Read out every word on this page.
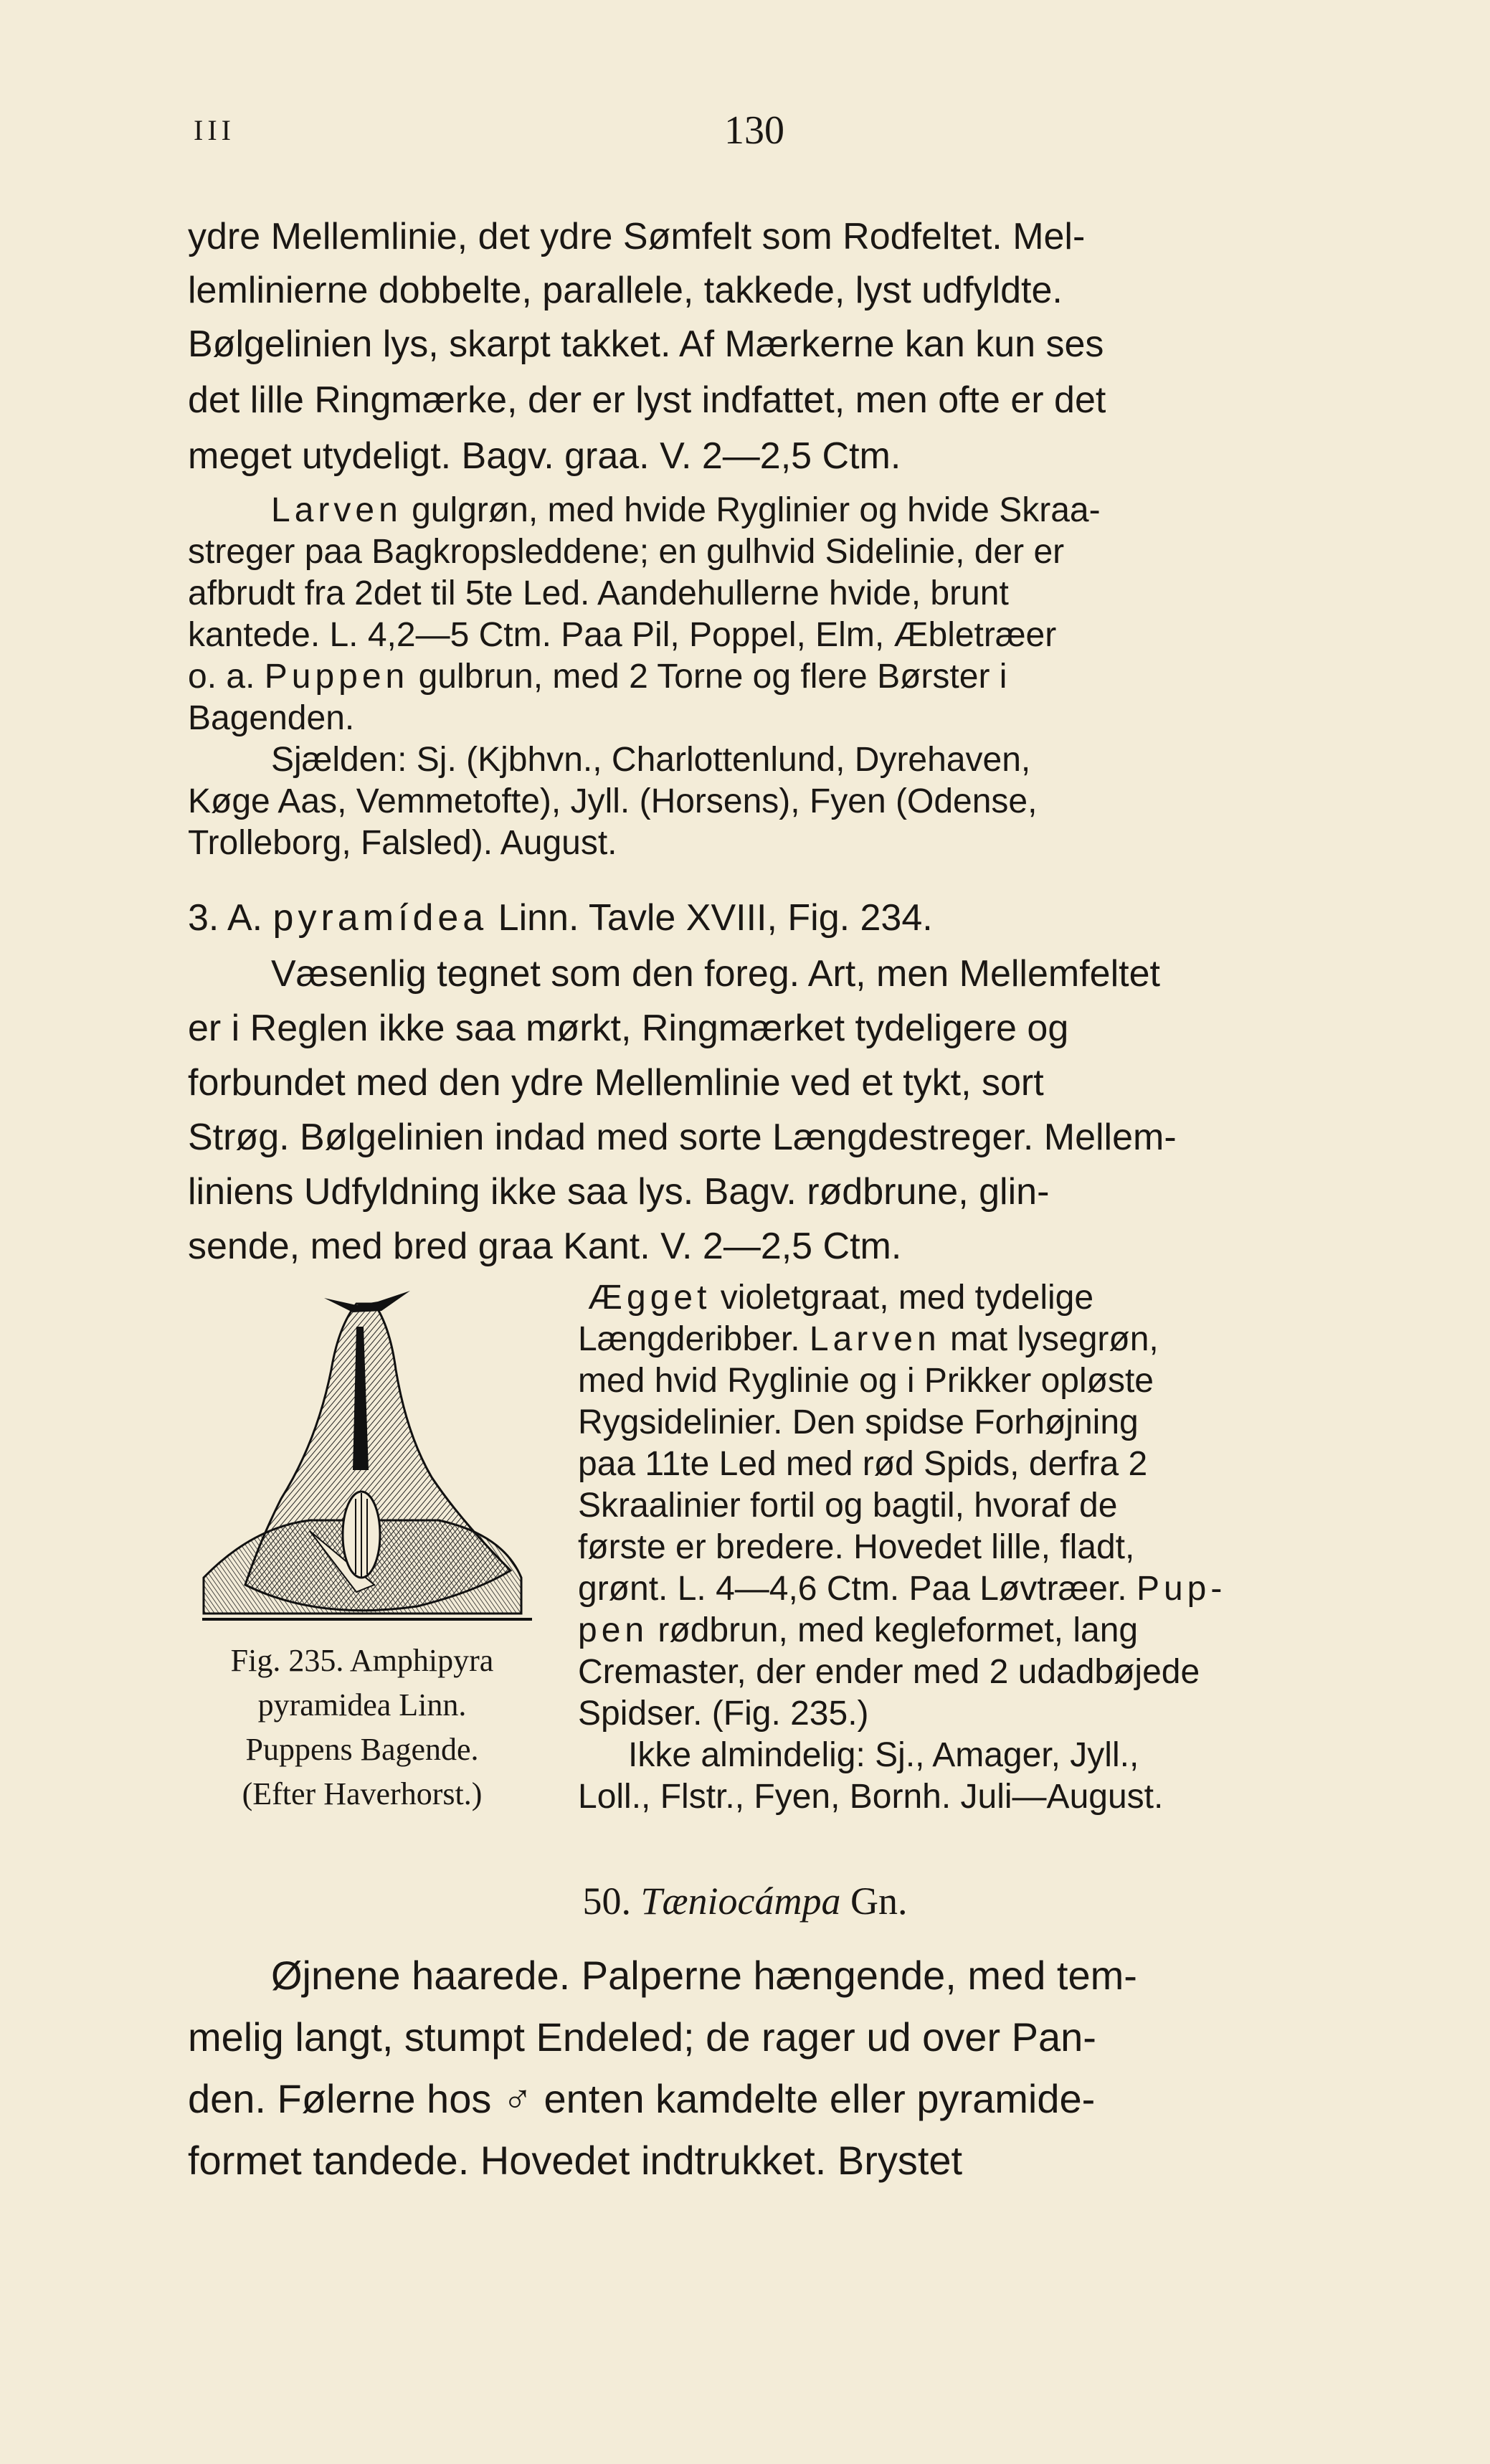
III	130
ydre Mellemlinie, det ydre Sømfelt som Rodfeltet. Mel-
lemlinierne dobbelte, parallele, takkede, lyst udfyldte.
Bølgelinien lys, skarpt takket. Af Mærkerne kan kun ses
det lille Ringmærke, der er lyst indfattet, men ofte er det
meget utydeligt. Bagv. graa. V. 2—2,5 Ctm.
Larven gulgrøn, med hvide Ryglinier og hvide Skraa-
streger paa Bagkropsleddene; en gulhvid Sidelinie, der er
afbrudt fra 2det til 5te Led. Aandehullerne hvide, brunt
kantede. L. 4,2—5 Ctm. Paa Pil, Poppel, Elm, Æbletræer
o. a. Puppen gulbrun, med 2 Torne og flere Børster i
Bagenden.
Sjælden: Sj. (Kjbhvn., Charlottenlund, Dyrehaven,
Køge Aas, Vemmetofte), Jyll. (Horsens), Fyen (Odense,
Trolleborg, Falsled). August.
3. A. pyramídea Linn. Tavle XVIII, Fig. 234.
Væsenlig tegnet som den foreg. Art, men Mellemfeltet
er i Reglen ikke saa mørkt, Ringmærket tydeligere og
forbundet med den ydre Mellemlinie ved et tykt, sort
Strøg. Bølgelinien indad med sorte Længdestreger. Mellem-
liniens Udfyldning ikke saa lys. Bagv. rødbrune, glin-
sende, med bred graa Kant. V. 2—2,5 Ctm.
Fig. 235. Amphipyra
pyramidea Linn.
Puppens Bagende.
(Efter Haverhorst.)
Ægget violetgraat, med tydelige
Længderibber. Larven mat lysegrøn,
med hvid Ryglinie og i Prikker opløste
Rygsidelinier. Den spidse Forhøjning
paa 11te Led med rød Spids, derfra 2
Skraalinier fortil og bagtil, hvoraf de
første er bredere. Hovedet lille, fladt,
grønt. L. 4—4,6 Ctm. Paa Løvtræer. Pup-
pen rødbrun, med kegleformet, lang
Cremaster, der ender med 2 udadbøjede
Spidser. (Fig. 235.)
Ikke almindelig: Sj., Amager, Jyll.,
Loll., Flstr., Fyen, Bornh. Juli—August.
50. Tæniocámpa Gn.
Øjnene haarede. Palperne hængende, med tem-
melig langt, stumpt Endeled; de rager ud over Pan-
den. Følerne hos ♂ enten kamdelte eller pyramide-
formet tandede. Hovedet indtrukket. Brystet
